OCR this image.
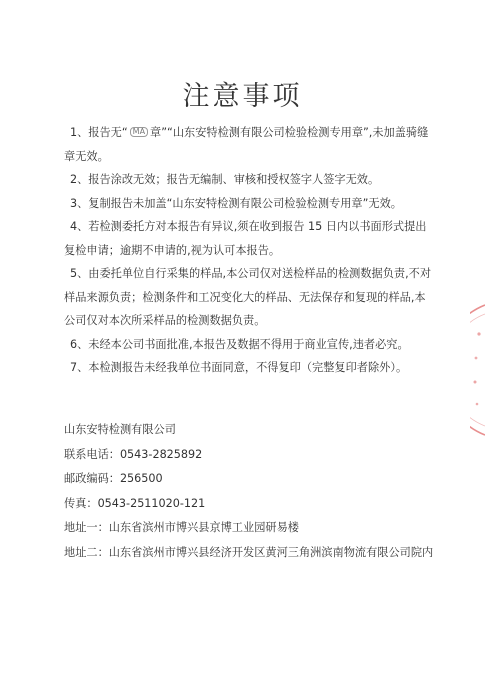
注意事项

1、报告无“ MA 章”“山东安特检测有限公司检验检测专用章”,未加盖骑缝章无效。

2、报告涂改无效；报告无编制、审核和授权签字人签字无效。

3、复制报告未加盖“山东安特检测有限公司检验检测专用章”无效。

4、若检测委托方对本报告有异议,须在收到报告 15 日内以书面形式提出复检申请；逾期不申请的,视为认可本报告。

5、由委托单位自行采集的样品,本公司仅对送检样品的检测数据负责,不对样品来源负责；检测条件和工况变化大的样品、无法保存和复现的样品,本公司仅对本次所采样品的检测数据负责。

6、未经本公司书面批准,本报告及数据不得用于商业宣传,违者必究。

7、本检测报告未经我单位书面同意，不得复印（完整复印者除外）。

山东安特检测有限公司

联系电话：0543-2825892

邮政编码：256500

传真：0543-2511020-121

地址一：山东省滨州市博兴县京博工业园研易楼

地址二：山东省滨州市博兴县经济开发区黄河三角洲滨南物流有限公司院内
